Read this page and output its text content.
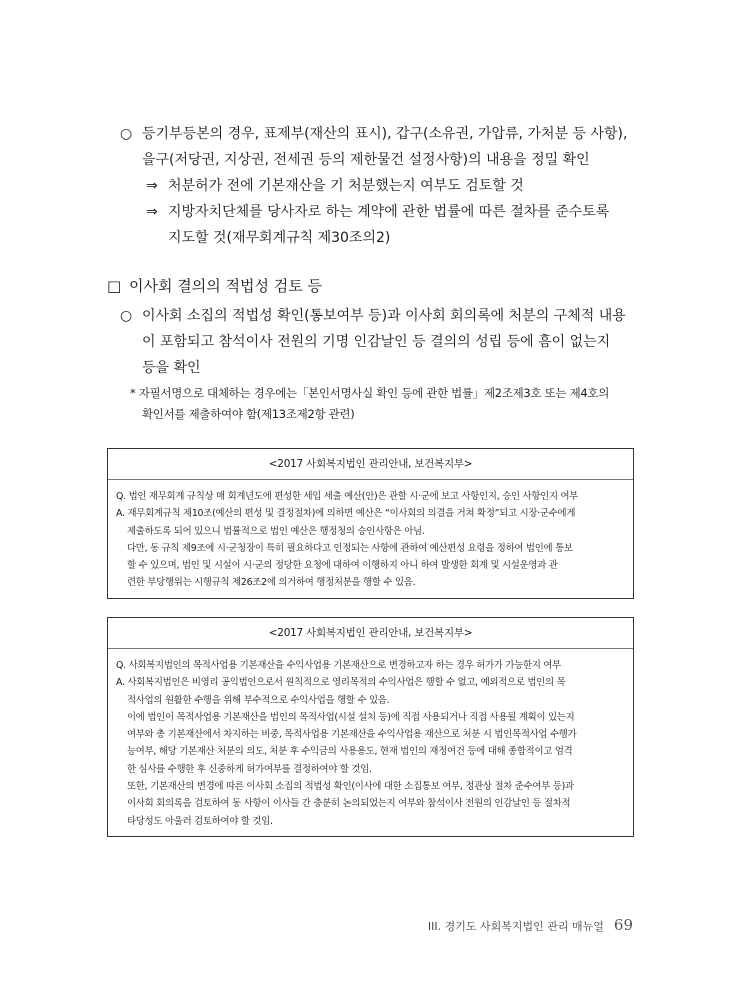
○ 등기부등본의 경우, 표제부(재산의 표시), 갑구(소유권, 가압류, 가처분 등 사항),
을구(저당권, 지상권, 전세권 등의 제한물건 설정사항)의 내용을 정밀 확인
⇒ 처분허가 전에 기본재산을 기 처분했는지 여부도 검토할 것
⇒ 지방자치단체를 당사자로 하는 계약에 관한 법률에 따른 절차를 준수토록
지도할 것(재무회계규칙 제30조의2)
□ 이사회 결의의 적법성 검토 등
○ 이사회 소집의 적법성 확인(통보여부 등)과 이사회 회의록에 처분의 구체적 내용
이 포함되고 참석이사 전원의 기명 인감날인 등 결의의 성립 등에 흠이 없는지
등을 확인
* 자필서명으로 대체하는 경우에는「본인서명사실 확인 등에 관한 법률」제2조제3호 또는 제4호의
확인서를 제출하여야 함(제13조제2항 관련)
<2017 사회복지법인 관리안내, 보건복지부>
Q. 법인 재무회계 규칙상 매 회계년도에 편성한 세입 세출 예산(안)은 관할 시·군에 보고 사항인지, 승인 사항인지 여부
A. 재무회계규칙 제10조(예산의 편성 및 결정절차)에 의하면 예산은 “이사회의 의결을 거쳐 확정”되고 시장·군수에게
제출하도록 되어 있으니 법률적으로 법인 예산은 행정청의 승인사항은 아님.
다만, 동 규칙 제9조에 시·군청장이 특히 필요하다고 인정되는 사항에 관하여 예산편성 요령을 정하여 법인에 통보
할 수 있으며, 법인 및 시설이 시·군의 정당한 요청에 대하여 이행하지 아니 하여 발생한 회계 및 시설운영과 관
련한 부당행위는 시행규칙 제26조2에 의거하여 행정처분을 행할 수 있음.
<2017 사회복지법인 관리안내, 보건복지부>
Q. 사회복지법인의 목적사업용 기본재산을 수익사업용 기본재산으로 변경하고자 하는 경우 허가가 가능한지 여부
A. 사회복지법인은 비영리 공익법인으로서 원칙적으로 영리목적의 수익사업은 행할 수 없고, 예외적으로 법인의 목
적사업의 원활한 수행을 위해 부수적으로 수익사업을 행할 수 있음.
이에 법인이 목적사업용 기본재산을 법인의 목적사업(시설 설치 등)에 직접 사용되거나 직접 사용될 계획이 있는지
여부와 총 기본재산에서 차지하는 비중, 목적사업용 기본재산을 수익사업용 재산으로 처분 시 법인목적사업 수행가
능여부, 해당 기본재산 처분의 의도, 처분 후 수익금의 사용용도, 현재 법인의 재정여건 등에 대해 종합적이고 엄격
한 심사를 수행한 후 신중하게 허가여부를 결정하여야 할 것임.
또한, 기본재산의 변경에 따른 이사회 소집의 적법성 확인(이사에 대한 소집통보 여부, 정관상 절차 준수여부 등)과
이사회 회의록을 검토하여 동 사항이 이사들 간 충분히 논의되었는지 여부와 참석이사 전원의 인감날인 등 절차적
타당성도 아울러 검토하여야 할 것임.
III. 경기도 사회복지법인 관리 매뉴얼 69
